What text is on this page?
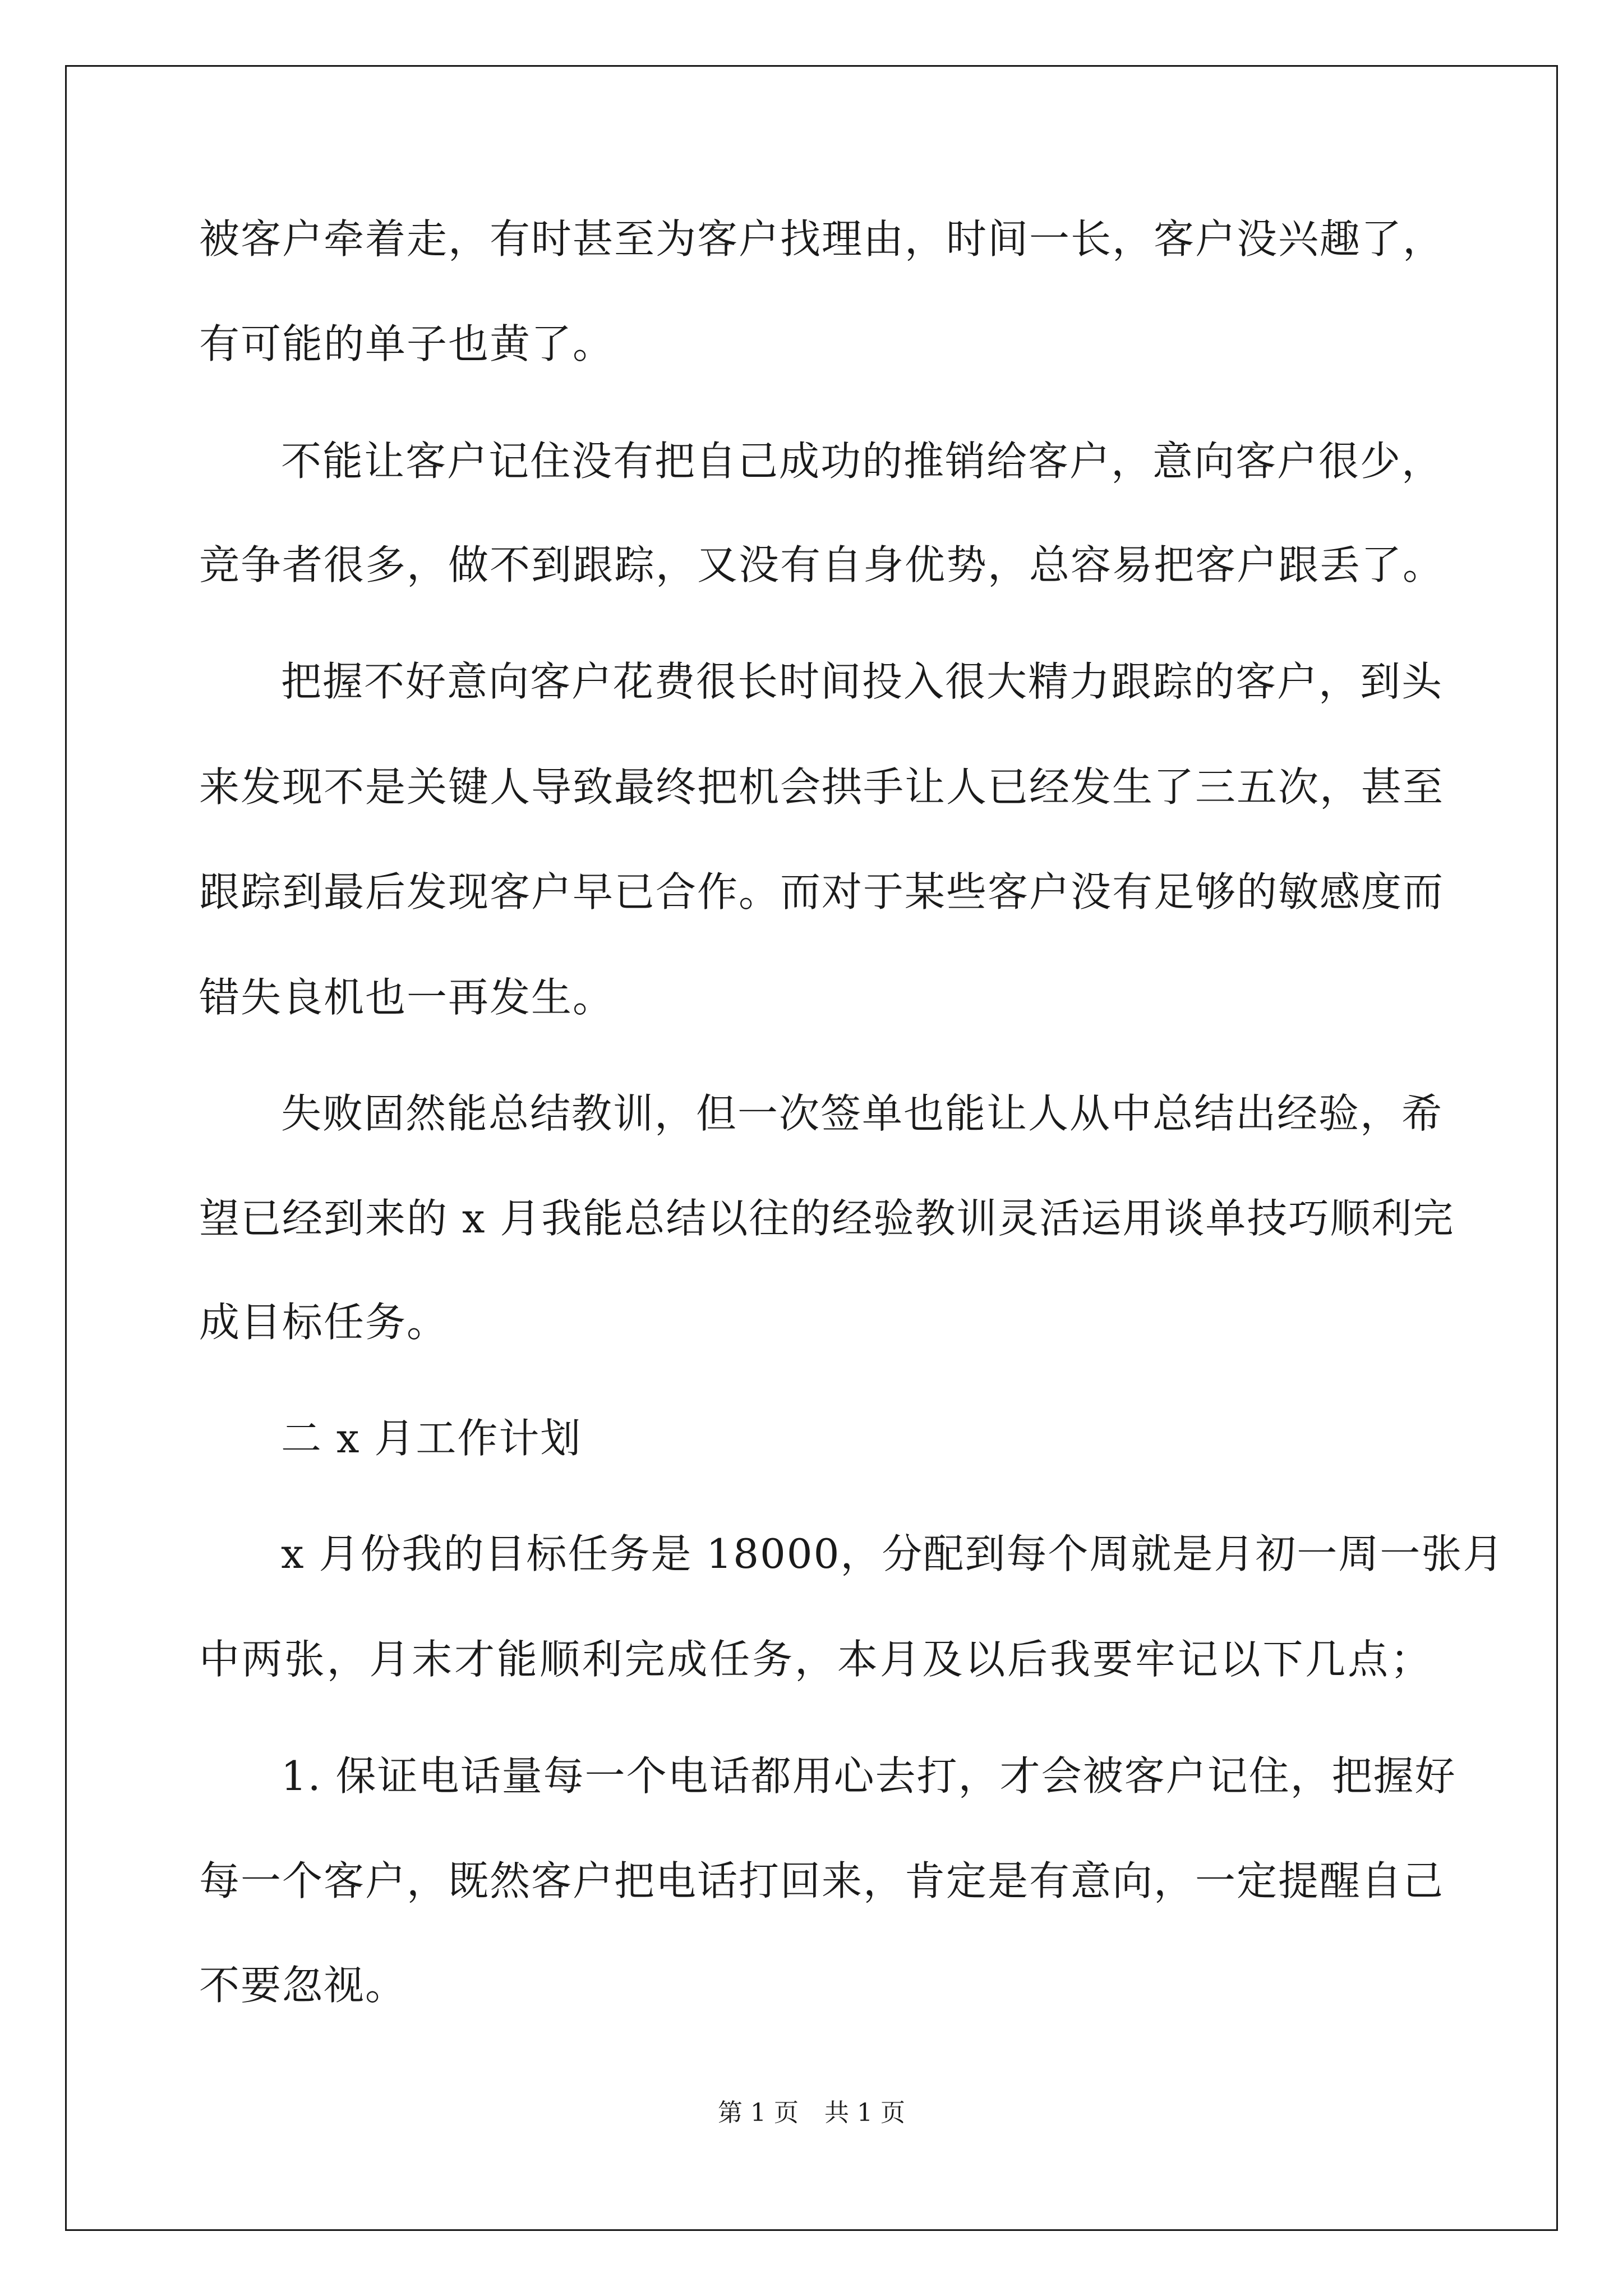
被客户牵着走，有时甚至为客户找理由，时间一长，客户没兴趣了，
有可能的单子也黄了。
不能让客户记住没有把自己成功的推销给客户，意向客户很少，
竞争者很多，做不到跟踪，又没有自身优势，总容易把客户跟丢了。
把握不好意向客户花费很长时间投入很大精力跟踪的客户，到头
来发现不是关键人导致最终把机会拱手让人已经发生了三五次，甚至
跟踪到最后发现客户早已合作。而对于某些客户没有足够的敏感度而
错失良机也一再发生。
失败固然能总结教训，但一次签单也能让人从中总结出经验，希
望已经到来的 x 月我能总结以往的经验教训灵活运用谈单技巧顺利完
成目标任务。
二 x 月工作计划
x 月份我的目标任务是 18000，分配到每个周就是月初一周一张月
中两张，月末才能顺利完成任务，本月及以后我要牢记以下几点；
1. 保证电话量每一个电话都用心去打，才会被客户记住，把握好
每一个客户，既然客户把电话打回来，肯定是有意向，一定提醒自己
不要忽视。
第 1 页 共 1 页
